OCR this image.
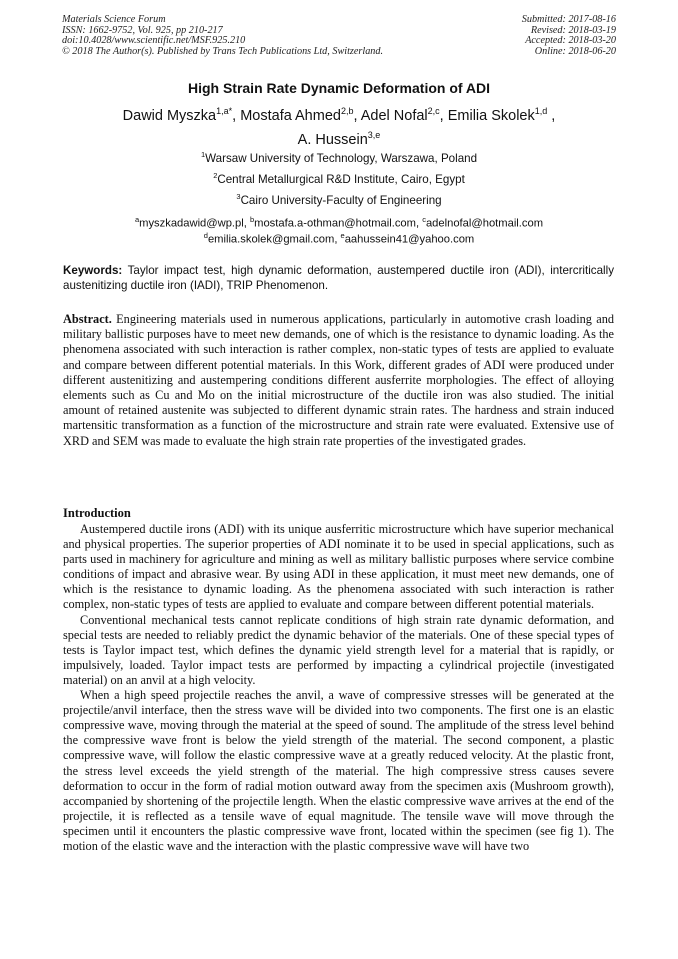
Materials Science Forum
ISSN: 1662-9752, Vol. 925, pp 210-217
doi:10.4028/www.scientific.net/MSF.925.210
© 2018 The Author(s). Published by Trans Tech Publications Ltd, Switzerland.
Submitted: 2017-08-16
Revised: 2018-03-19
Accepted: 2018-03-20
Online: 2018-06-20
High Strain Rate Dynamic Deformation of ADI
Dawid Myszka$^{1,a*}$, Mostafa Ahmed$^{2,b}$, Adel Nofal$^{2,c}$, Emilia Skolek$^{1,d}$ ,
A. Hussein$^{3,e}$
$^1$Warsaw University of Technology, Warszawa, Poland
$^2$Central Metallurgical R&D Institute, Cairo, Egypt
$^3$Cairo University-Faculty of Engineering
$^a$myszkadawid@wp.pl, $^b$mostafa.a-othman@hotmail.com, $^c$adelnofal@hotmail.com
$^d$emilia.skolek@gmail.com, $^e$aahussein41@yahoo.com
Keywords: Taylor impact test, high dynamic deformation, austempered ductile iron (ADI), intercritically austenitizing ductile iron (IADI), TRIP Phenomenon.
Abstract. Engineering materials used in numerous applications, particularly in automotive crash loading and military ballistic purposes have to meet new demands, one of which is the resistance to dynamic loading. As the phenomena associated with such interaction is rather complex, non-static types of tests are applied to evaluate and compare between different potential materials. In this Work, different grades of ADI were produced under different austenitizing and austempering conditions different ausferrite morphologies. The effect of alloying elements such as Cu and Mo on the initial microstructure of the ductile iron was also studied. The initial amount of retained austenite was subjected to different dynamic strain rates. The hardness and strain induced martensitic transformation as a function of the microstructure and strain rate were evaluated. Extensive use of XRD and SEM was made to evaluate the high strain rate properties of the investigated grades.
Introduction

Austempered ductile irons (ADI) with its unique ausferritic microstructure which have superior mechanical and physical properties. The superior properties of ADI nominate it to be used in special applications, such as parts used in machinery for agriculture and mining as well as military ballistic purposes where service combine conditions of impact and abrasive wear. By using ADI in these application, it must meet new demands, one of which is the resistance to dynamic loading. As the phenomena associated with such interaction is rather complex, non-static types of tests are applied to evaluate and compare between different potential materials.

Conventional mechanical tests cannot replicate conditions of high strain rate dynamic deformation, and special tests are needed to reliably predict the dynamic behavior of the materials. One of these special types of tests is Taylor impact test, which defines the dynamic yield strength level for a material that is rapidly, or impulsively, loaded. Taylor impact tests are performed by impacting a cylindrical projectile (investigated material) on an anvil at a high velocity.

When a high speed projectile reaches the anvil, a wave of compressive stresses will be generated at the projectile/anvil interface, then the stress wave will be divided into two components. The first one is an elastic compressive wave, moving through the material at the speed of sound. The amplitude of the stress level behind the compressive wave front is below the yield strength of the material. The second component, a plastic compressive wave, will follow the elastic compressive wave at a greatly reduced velocity. At the plastic front, the stress level exceeds the yield strength of the material. The high compressive stress causes severe deformation to occur in the form of radial motion outward away from the specimen axis (Mushroom growth), accompanied by shortening of the projectile length. When the elastic compressive wave arrives at the end of the projectile, it is reflected as a tensile wave of equal magnitude. The tensile wave will move through the specimen until it encounters the plastic compressive wave front, located within the specimen (see fig 1). The motion of the elastic wave and the interaction with the plastic compressive wave will have two
